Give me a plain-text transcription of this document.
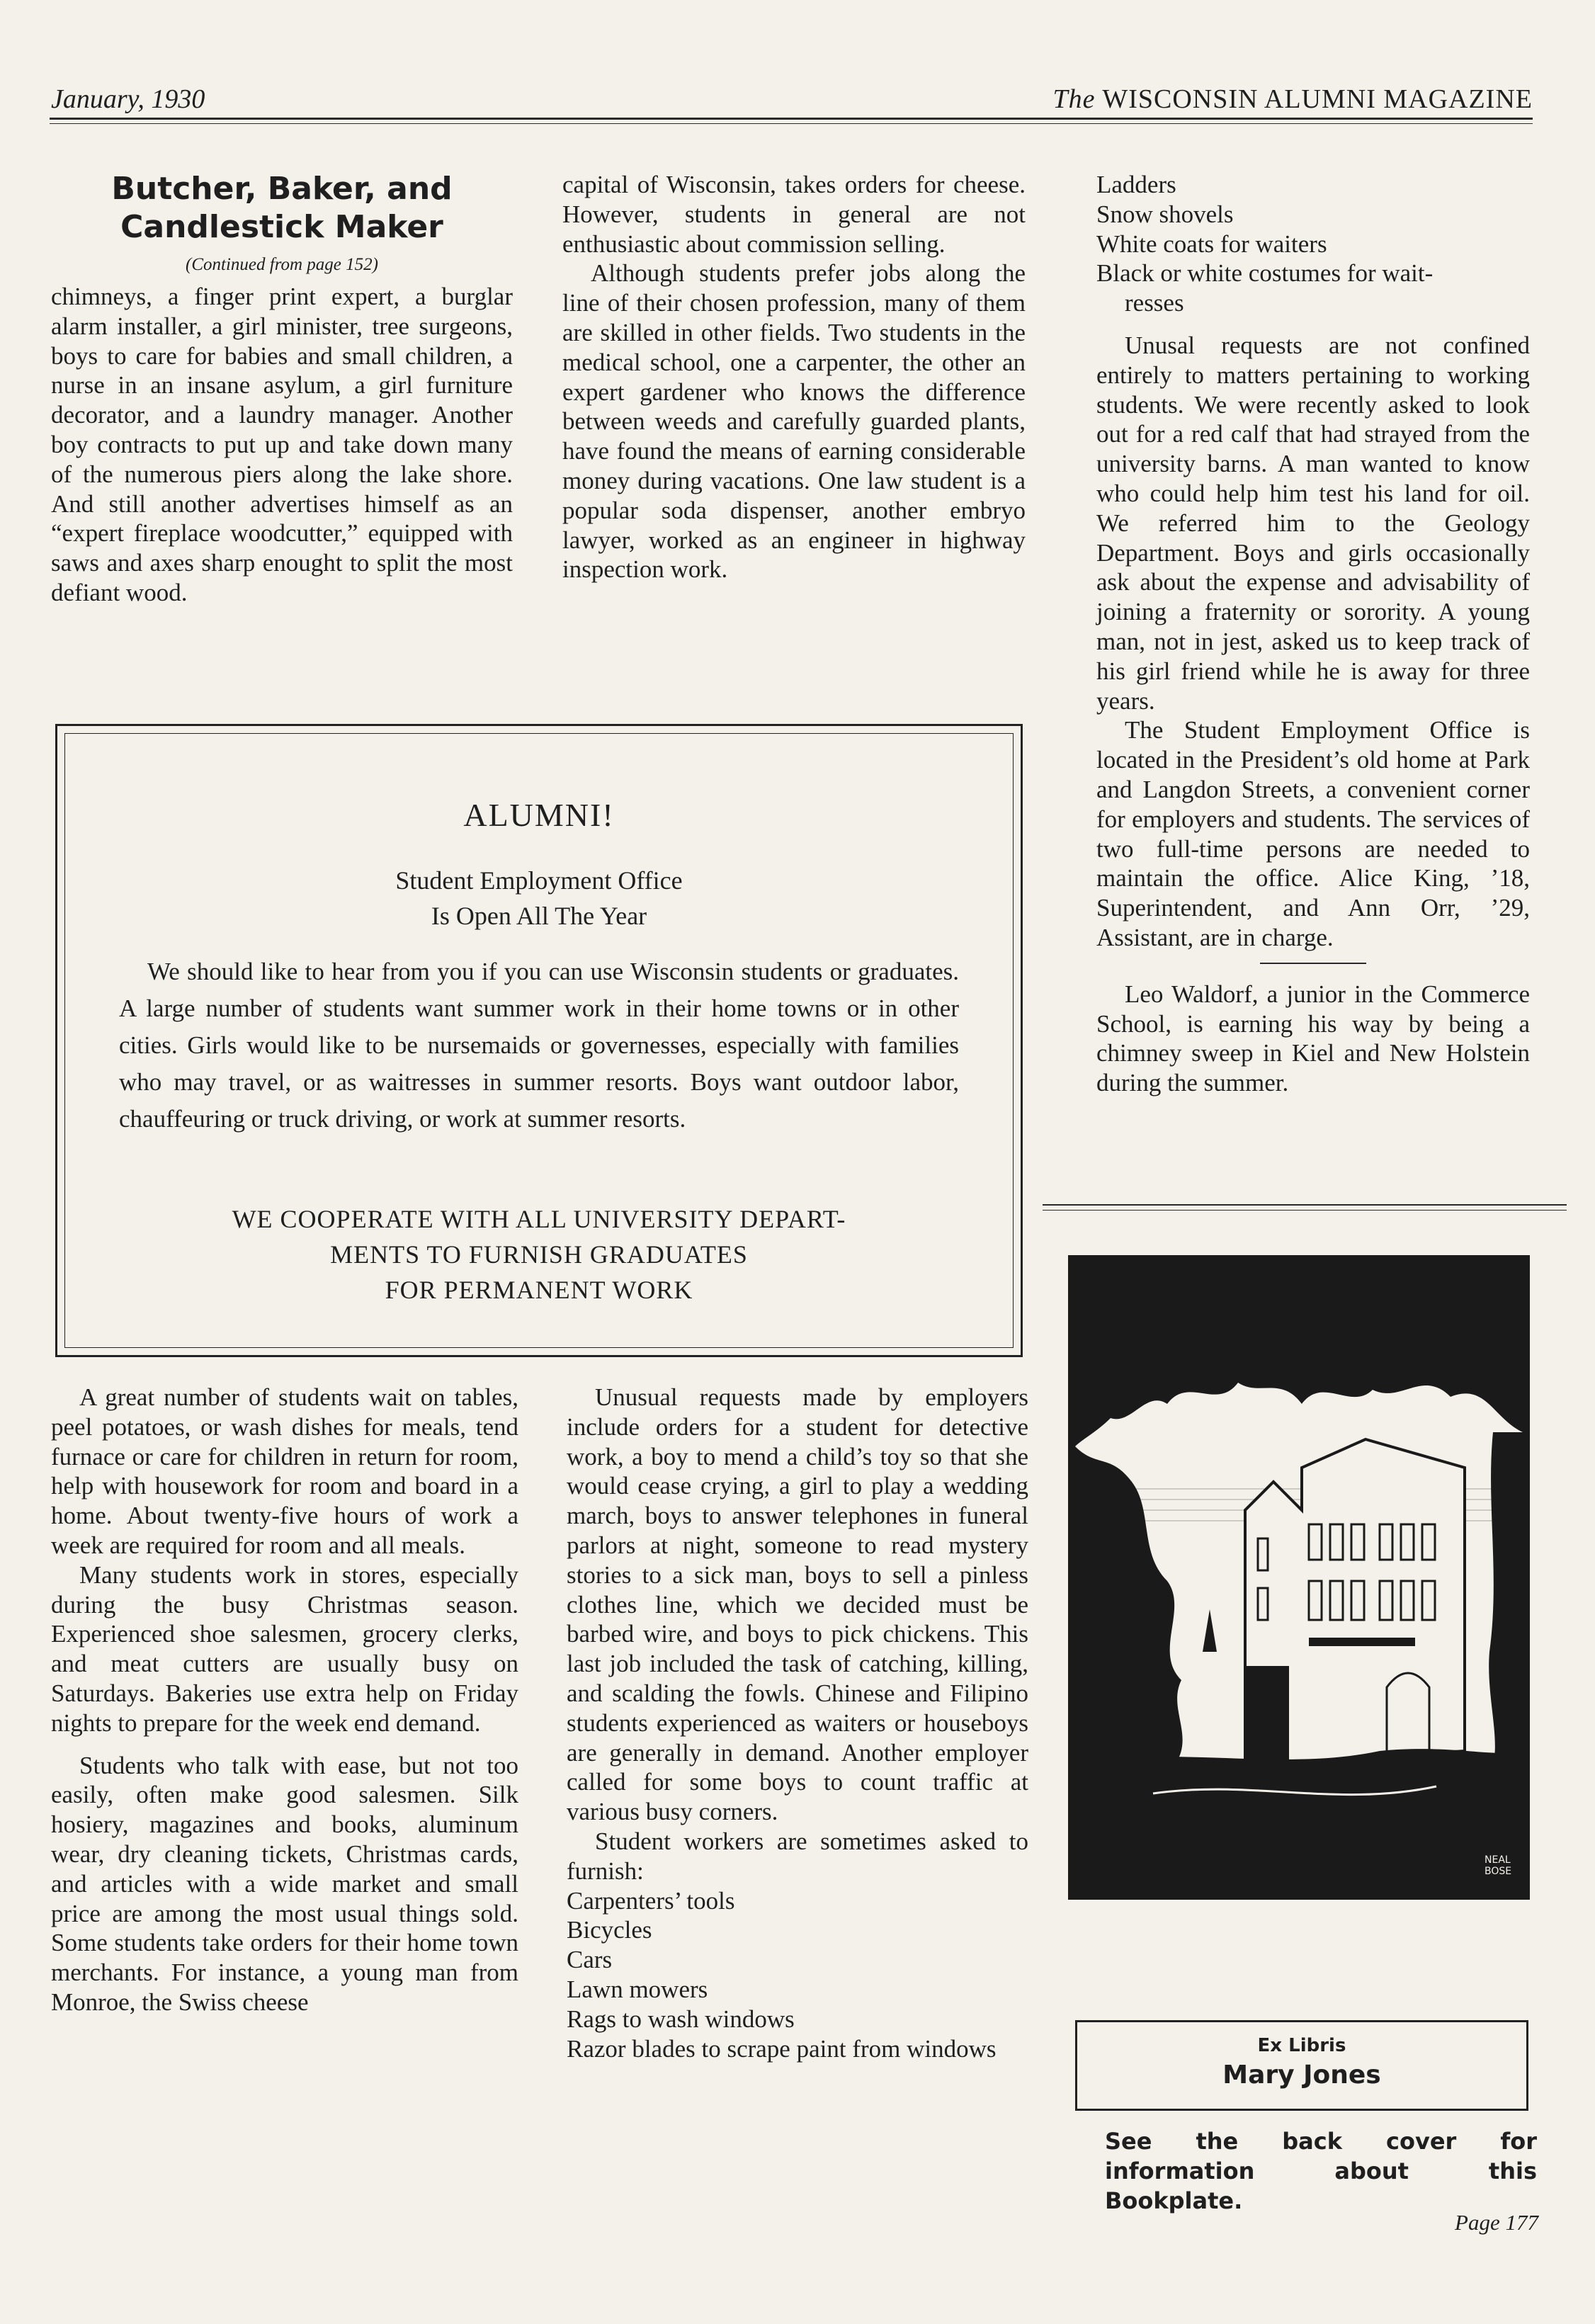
January, 1930	The WISCONSIN ALUMNI MAGAZINE
Butcher, Baker, and
Candlestick Maker
(Continued from page 152)

chimneys, a finger print expert, a burglar alarm installer, a girl minister, tree surgeons, boys to care for babies and small children, a nurse in an insane asylum, a girl furniture decorator, and a laundry manager. Another boy contracts to put up and take down many of the numerous piers along the lake shore. And still another advertises himself as an “expert fireplace woodcutter,” equipped with saws and axes sharp enought to split the most defiant wood.

capital of Wisconsin, takes orders for cheese. However, students in general are not enthusiastic about commission selling.

Although students prefer jobs along the line of their chosen profession, many of them are skilled in other fields. Two students in the medical school, one a carpenter, the other an expert gardener who knows the difference between weeds and carefully guarded plants, have found the means of earning considerable money during vacations. One law student is a popular soda dispenser, another embryo lawyer, worked as an engineer in highway inspection work.

Ladders
Snow shovels
White coats for waiters
Black or white costumes for wait-
resses

Unusal requests are not confined entirely to matters pertaining to working students. We were recently asked to look out for a red calf that had strayed from the university barns. A man wanted to know who could help him test his land for oil. We referred him to the Geology Department. Boys and girls occasionally ask about the expense and advisability of joining a fraternity or sorority. A young man, not in jest, asked us to keep track of his girl friend while he is away for three years.

The Student Employment Office is located in the President’s old home at Park and Langdon Streets, a convenient corner for employers and students. The services of two full-time persons are needed to maintain the office. Alice King, ’18, Superintendent, and Ann Orr, ’29, Assistant, are in charge.

Leo Waldorf, a junior in the Commerce School, is earning his way by being a chimney sweep in Kiel and New Holstein during the summer.

ALUMNI!
Student Employment Office
Is Open All The Year
We should like to hear from you if you can use Wisconsin students or graduates. A large number of students want summer work in their home towns or in other cities. Girls would like to be nursemaids or governesses, especially with families who may travel, or as waitresses in summer resorts. Boys want outdoor labor, chauffeuring or truck driving, or work at summer resorts.
WE COOPERATE WITH ALL UNIVERSITY DEPART-
MENTS TO FURNISH GRADUATES
FOR PERMANENT WORK

A great number of students wait on tables, peel potatoes, or wash dishes for meals, tend furnace or care for children in return for room, help with housework for room and board in a home. About twenty-five hours of work a week are required for room and all meals.

Many students work in stores, especially during the busy Christmas season. Experienced shoe salesmen, grocery clerks, and meat cutters are usually busy on Saturdays. Bakeries use extra help on Friday nights to prepare for the week end demand.

Students who talk with ease, but not too easily, often make good salesmen. Silk hosiery, magazines and books, aluminum wear, dry cleaning tickets, Christmas cards, and articles with a wide market and small price are among the most usual things sold. Some students take orders for their home town merchants. For instance, a young man from Monroe, the Swiss cheese

Unusual requests made by employers include orders for a student for detective work, a boy to mend a child’s toy so that she would cease crying, a girl to play a wedding march, boys to answer telephones in funeral parlors at night, someone to read mystery stories to a sick man, boys to sell a pinless clothes line, which we decided must be barbed wire, and boys to pick chickens. This last job included the task of catching, killing, and scalding the fowls. Chinese and Filipino students experienced as waiters or houseboys are generally in demand. Another employer called for some boys to count traffic at various busy corners.

Student workers are sometimes asked to furnish:

Carpenters’ tools
Bicycles
Cars
Lawn mowers
Rags to wash windows
Razor blades to scrape paint from windows
NEAL
BOSE
Ex Libris
Mary Jones
See the back cover for information about this Bookplate.
Page 177
